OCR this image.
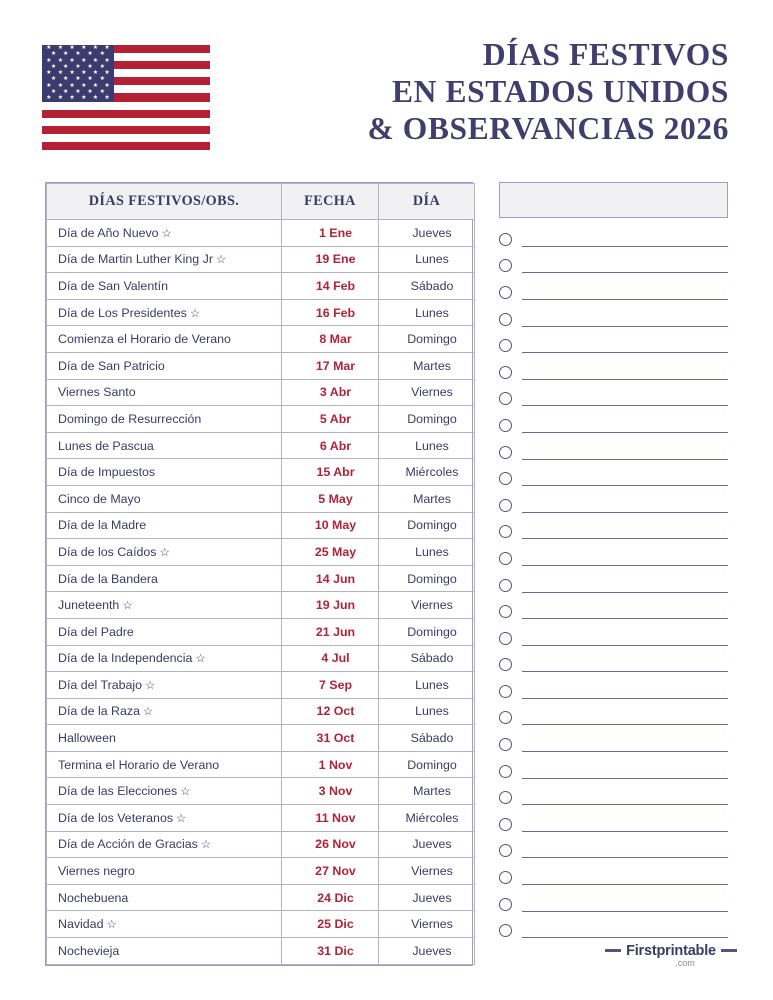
★ ★ ★ ★ ★ ★
★ ★ ★ ★ ★
★ ★ ★ ★ ★ ★
★ ★ ★ ★ ★
★ ★ ★ ★ ★ ★
★ ★ ★ ★ ★
★ ★ ★ ★ ★ ★
★ ★ ★ ★ ★
★ ★ ★ ★ ★ ★
DÍAS FESTIVOS
EN ESTADOS UNIDOS
& OBSERVANCIAS 2026
DÍAS FESTIVOS/OBS.	FECHA	DÍA
Día de Año Nuevo ☆	1 Ene	Jueves
Día de Martin Luther King Jr ☆	19 Ene	Lunes
Día de San Valentín	14 Feb	Sábado
Día de Los Presidentes ☆	16 Feb	Lunes
Comienza el Horario de Verano	8 Mar	Domingo
Día de San Patricio	17 Mar	Martes
Viernes Santo	3 Abr	Viernes
Domingo de Resurrección	5 Abr	Domingo
Lunes de Pascua	6 Abr	Lunes
Día de Impuestos	15 Abr	Miércoles
Cinco de Mayo	5 May	Martes
Día de la Madre	10 May	Domingo
Día de los Caídos ☆	25 May	Lunes
Día de la Bandera	14 Jun	Domingo
Juneteenth ☆	19 Jun	Viernes
Día del Padre	21 Jun	Domingo
Día de la Independencia ☆	4 Jul	Sábado
Día del Trabajo ☆	7 Sep	Lunes
Día de la Raza ☆	12 Oct	Lunes
Halloween	31 Oct	Sábado
Termina el Horario de Verano	1 Nov	Domingo
Día de las Elecciones ☆	3 Nov	Martes
Día de los Veteranos ☆	11 Nov	Miércoles
Día de Acción de Gracias ☆	26 Nov	Jueves
Viernes negro	27 Nov	Viernes
Nochebuena	24 Dic	Jueves
Navidad ☆	25 Dic	Viernes
Nochevieja	31 Dic	Jueves	Firstprintable
.com
